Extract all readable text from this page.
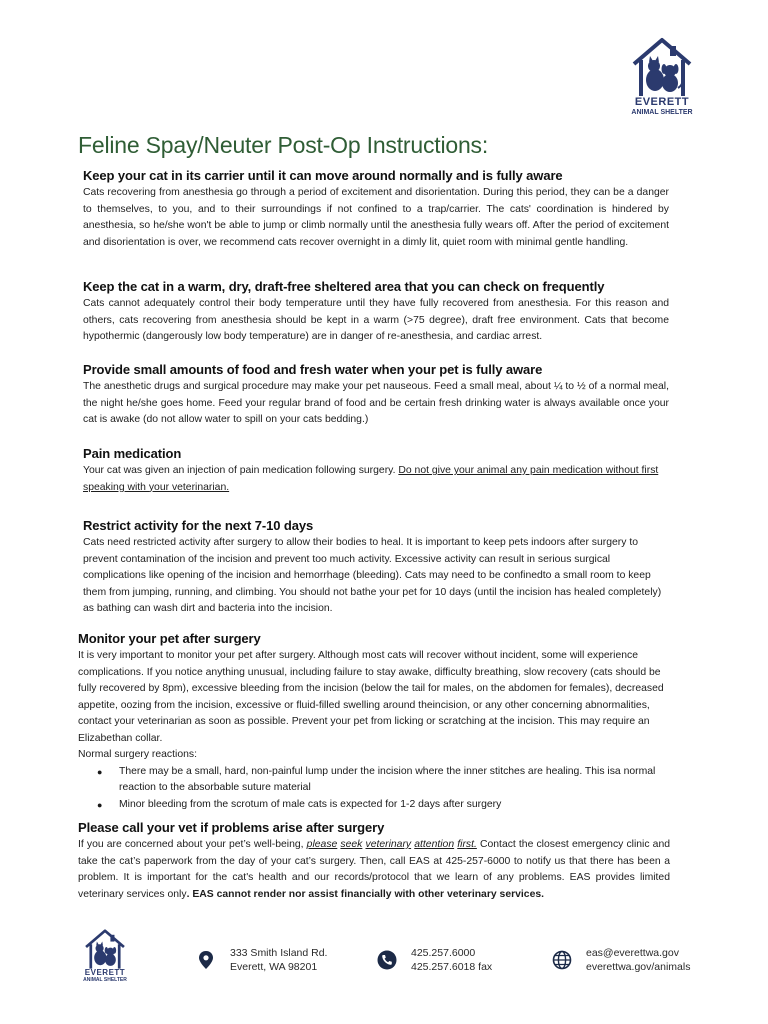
EVERETT
ANIMAL SHELTER
Feline Spay/Neuter Post-Op Instructions:
Keep your cat in its carrier until it can move around normally and is fully aware

Cats recovering from anesthesia go through a period of excitement and disorientation. During this period, they can be a danger to themselves, to you, and to their surroundings if not confined to a trap/carrier. The cats' coordination is hindered by anesthesia, so he/she won't be able to jump or climb normally until the anesthesia fully wears off. After the period of excitement and disorientation is over, we recommend cats recover overnight in a dimly lit, quiet room with minimal gentle handling.

Keep the cat in a warm, dry, draft-free sheltered area that you can check on frequently

Cats cannot adequately control their body temperature until they have fully recovered from anesthesia. For this reason and others, cats recovering from anesthesia should be kept in a warm (>75 degree), draft free environment. Cats that become hypothermic (dangerously low body temperature) are in danger of re-anesthesia, and cardiac arrest.

Provide small amounts of food and fresh water when your pet is fully aware

The anesthetic drugs and surgical procedure may make your pet nauseous. Feed a small meal, about ¼ to ½ of a normal meal, the night he/she goes home. Feed your regular brand of food and be certain fresh drinking water is always available once your cat is awake (do not allow water to spill on your cats bedding.)

Pain medication

Your cat was given an injection of pain medication following surgery. Do not give your animal any pain medication without first speaking with your veterinarian.

Restrict activity for the next 7-10 days

Cats need restricted activity after surgery to allow their bodies to heal. It is important to keep pets indoors after surgery to prevent contamination of the incision and prevent too much activity. Excessive activity can result in serious surgical complications like opening of the incision and hemorrhage (bleeding). Cats may need to be confinedto a small room to keep them from jumping, running, and climbing. You should not bathe your pet for 10 days (until the incision has healed completely) as bathing can wash dirt and bacteria into the incision.

Monitor your pet after surgery

It is very important to monitor your pet after surgery. Although most cats will recover without incident, some will experience complications. If you notice anything unusual, including failure to stay awake, difficulty breathing, slow recovery (cats should be fully recovered by 8pm), excessive bleeding from the incision (below the tail for males, on the abdomen for females), decreased appetite, oozing from the incision, excessive or fluid-filled swelling around theincision, or any other concerning abnormalities, contact your veterinarian as soon as possible. Prevent your pet from licking or scratching at the incision. This may require an Elizabethan collar.

Normal surgery reactions:

● There may be a small, hard, non-painful lump under the incision where the inner stitches are healing. This isa normal reaction to the absorbable suture material
● Minor bleeding from the scrotum of male cats is expected for 1-2 days after surgery
Please call your vet if problems arise after surgery

If you are concerned about your pet’s well-being, please seek veterinary attention first. Contact the closest emergency clinic and take the cat’s paperwork from the day of your cat’s surgery. Then, call EAS at 425-257-6000 to notify us that there has been a problem. It is important for the cat's health and our records/protocol that we learn of any problems. EAS provides limited veterinary services only. EAS cannot render nor assist financially with other veterinary services.

EVERETT
ANIMAL SHELTER
333 Smith Island Rd.
Everett, WA 98201
425.257.6000
425.257.6018 fax
eas@everettwa.gov
everettwa.gov/animals
